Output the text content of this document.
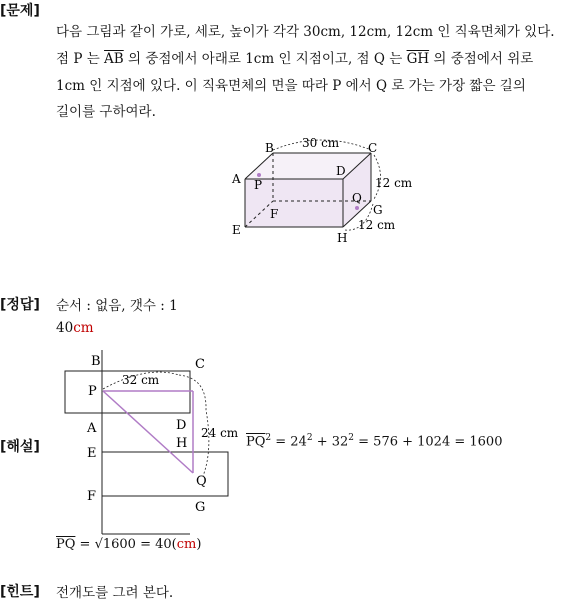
[문제]
다음 그림과 같이 가로, 세로, 높이가 각각 30cm, 12cm, 12cm 인 직육면체가 있다.
점 P 는 $\overline{AB}$ 의 중점에서 아래로 1cm 인 지점이고, 점 Q 는 $\overline{GH}$ 의 중점에서 위로
1cm 인 지점에 있다. 이 직육면체의 면을 따라 P 에서 Q 로 가는 가장 짧은 길의
길이를 구하여라.
A
B	C
D
E
F	G
H
P
Q
30 cm
12 cm
12 cm
[정답] 순서 : 없음, 갯수 : 1
40cm
[해설]
B	C
P
A	D
H
E
Q
F
G
32 cm
24 cm
$\overline{PQ}^2 = 24^2 + 32^2 = 576 + 1024 = 1600$
$\overline{PQ} = √1600 = 40(cm)$
[힌트] 전개도를 그려 본다.
